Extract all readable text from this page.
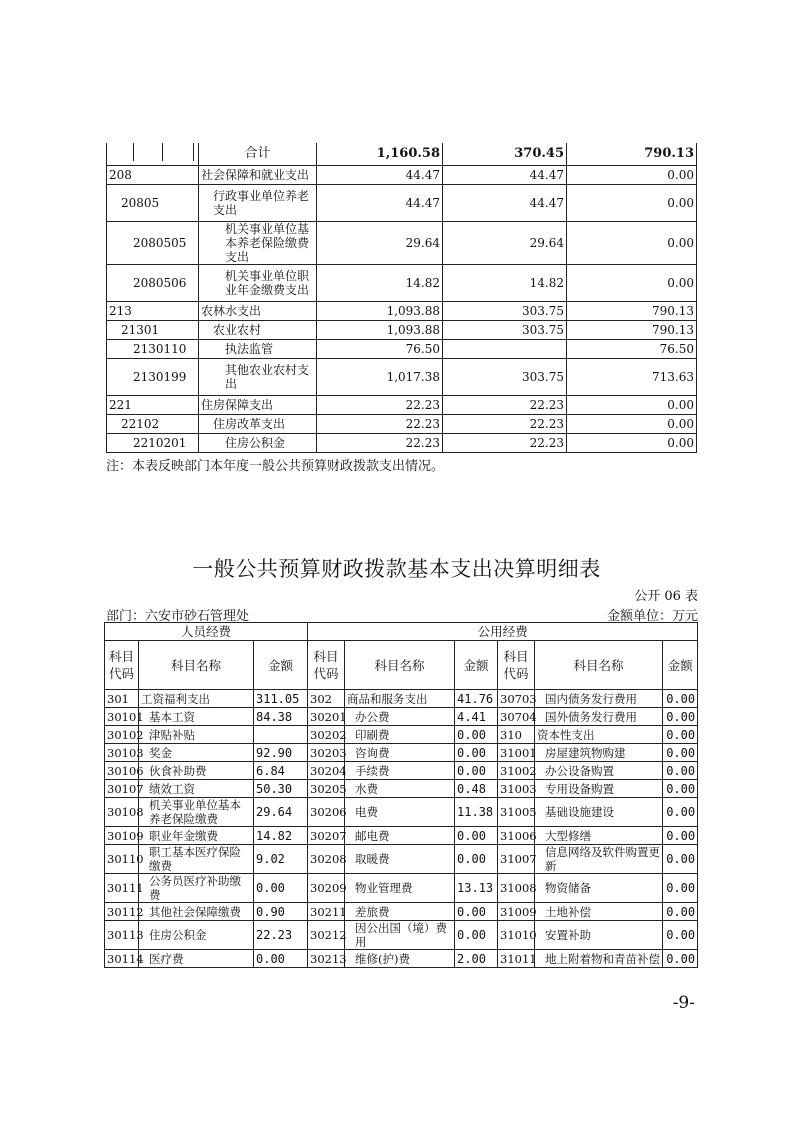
	合计	1,160.58	370.45	790.13
208	社会保障和就业支出	44.47	44.47	0.00
20805	行政事业单位养老支出	44.47	44.47	0.00
2080505	机关事业单位基本养老保险缴费支出	29.64	29.64	0.00
2080506	机关事业单位职业年金缴费支出	14.82	14.82	0.00
213	农林水支出	1,093.88	303.75	790.13
21301	农业农村	1,093.88	303.75	790.13
2130110	执法监管	76.50		76.50
2130199	其他农业农村支出	1,017.38	303.75	713.63
221	住房保障支出	22.23	22.23	0.00
22102	住房改革支出	22.23	22.23	0.00
2210201	住房公积金	22.23	22.23	0.00
注：本表反映部门本年度一般公共预算财政拨款支出情况。
一般公共预算财政拨款基本支出决算明细表
公开 06 表
部门：六安市砂石管理处	金额单位：万元
人员经费			公用经费					
科目代码	科目名称	金额	科目代码	科目名称	金额	科目代码	科目名称	金额
301	工资福利支出	311.05	302	商品和服务支出	41.76	30703	国内债务发行费用	0.00
30101	基本工资	84.38	30201	办公费	4.41	30704	国外债务发行费用	0.00
30102	津贴补贴		30202	印刷费	0.00	310	资本性支出	0.00
30103	奖金	92.90	30203	咨询费	0.00	31001	房屋建筑物购建	0.00
30106	伙食补助费	6.84	30204	手续费	0.00	31002	办公设备购置	0.00
30107	绩效工资	50.30	30205	水费	0.48	31003	专用设备购置	0.00
30108	机关事业单位基本养老保险缴费	29.64	30206	电费	11.38	31005	基础设施建设	0.00
30109	职业年金缴费	14.82	30207	邮电费	0.00	31006	大型修缮	0.00
30110	职工基本医疗保险缴费	9.02	30208	取暖费	0.00	31007	信息网络及软件购置更新	0.00
30111	公务员医疗补助缴费	0.00	30209	物业管理费	13.13	31008	物资储备	0.00
30112	其他社会保障缴费	0.90	30211	差旅费	0.00	31009	土地补偿	0.00
30113	住房公积金	22.23	30212	因公出国（境）费用	0.00	31010	安置补助	0.00
30114	医疗费	0.00	30213	维修(护)费	2.00	31011	地上附着物和青苗补偿	0.00
-9-
